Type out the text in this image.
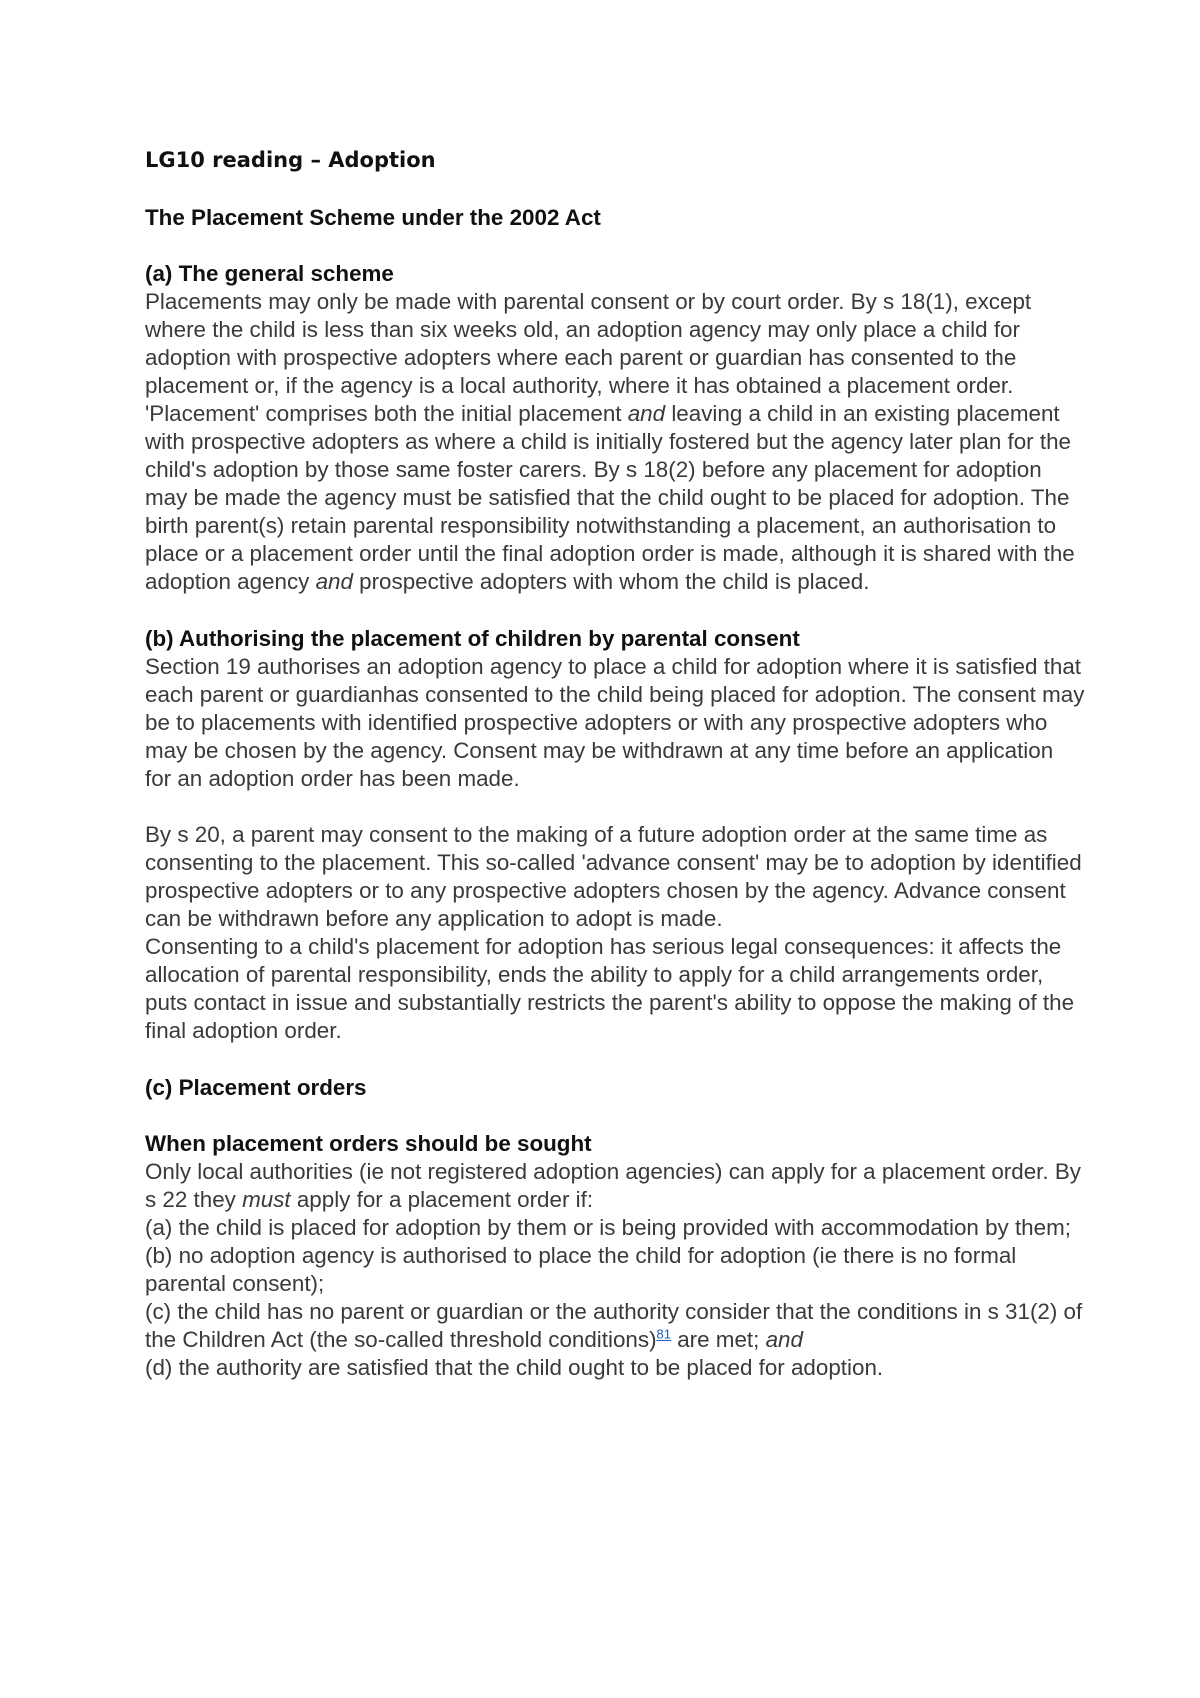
LG10 reading – Adoption

The Placement Scheme under the 2002 Act

(a) The general scheme

Placements may only be made with parental consent or by court order. By s 18(1), except where the child is less than six weeks old, an adoption agency may only place a child for adoption with prospective adopters where each parent or guardian has consented to the placement or, if the agency is a local authority, where it has obtained a placement order. 'Placement' comprises both the initial placement and leaving a child in an existing placement with prospective adopters as where a child is initially fostered but the agency later plan for the child's adoption by those same foster carers. By s 18(2) before any placement for adoption may be made the agency must be satisfied that the child ought to be placed for adoption. The birth parent(s) retain parental responsibility notwithstanding a placement, an authorisation to place or a placement order until the final adoption order is made, although it is shared with the adoption agency and prospective adopters with whom the child is placed.

(b) Authorising the placement of children by parental consent

Section 19 authorises an adoption agency to place a child for adoption where it is satisfied that each parent or guardianhas consented to the child being placed for adoption. The consent may be to placements with identified prospective adopters or with any prospective adopters who may be chosen by the agency. Consent may be withdrawn at any time before an application for an adoption order has been made.

By s 20, a parent may consent to the making of a future adoption order at the same time as consenting to the placement. This so-called 'advance consent' may be to adoption by identified prospective adopters or to any prospective adopters chosen by the agency. Advance consent can be withdrawn before any application to adopt is made.

Consenting to a child's placement for adoption has serious legal consequences: it affects the allocation of parental responsibility, ends the ability to apply for a child arrangements order, puts contact in issue and substantially restricts the parent's ability to oppose the making of the final adoption order.

(c) Placement orders

When placement orders should be sought

Only local authorities (ie not registered adoption agencies) can apply for a placement order. By s 22 they must apply for a placement order if:

(a) the child is placed for adoption by them or is being provided with accommodation by them;

(b) no adoption agency is authorised to place the child for adoption (ie there is no formal parental consent);

(c) the child has no parent or guardian or the authority consider that the conditions in s 31(2) of the Children Act (the so-called threshold conditions)$^{81}$ are met; and

(d) the authority are satisfied that the child ought to be placed for adoption.
